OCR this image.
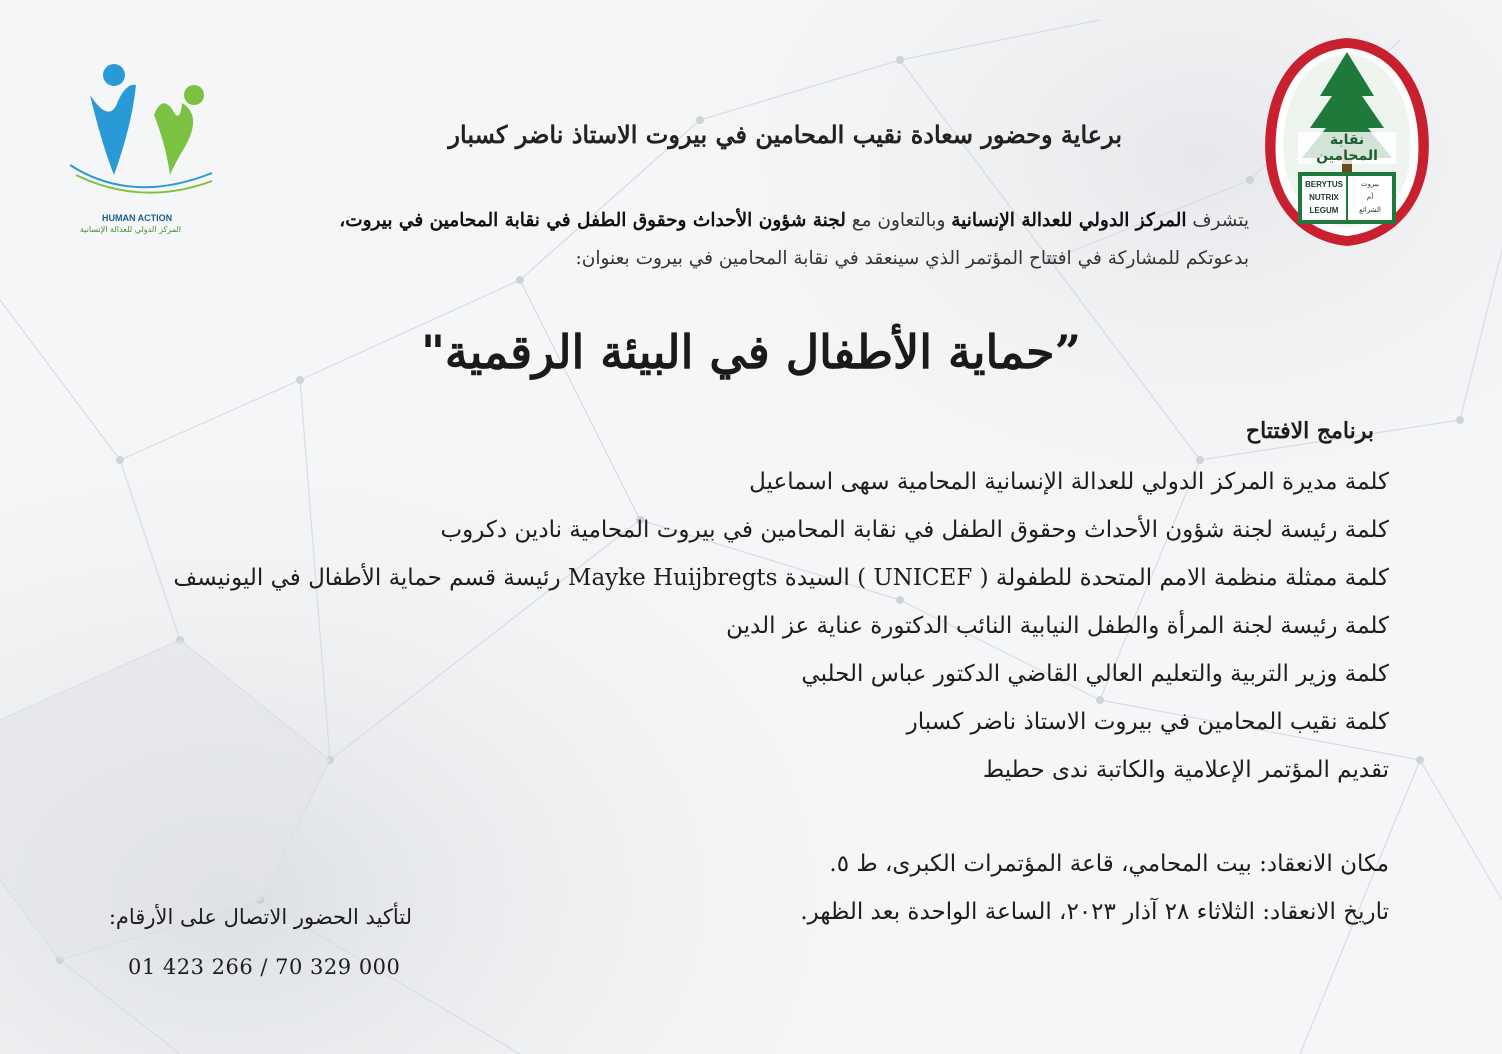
HUMAN ACTION
المركز الدولي للعدالة الإنسانية
نقابة المحامين
BERYTUS
NUTRIX
LEGUM
بيروت
أم
الشرائع
برعاية وحضور سعادة نقيب المحامين في بيروت الاستاذ ناضر كسبار
يتشرف المركز الدولي للعدالة الإنسانية وبالتعاون مع لجنة شؤون الأحداث وحقوق الطفل في نقابة المحامين في بيروت،
بدعوتكم للمشاركة في افتتاح المؤتمر الذي سينعقد في نقابة المحامين في بيروت بعنوان:
”حماية الأطفال في البيئة الرقمية"
برنامج الافتتاح
كلمة مديرة المركز الدولي للعدالة الإنسانية المحامية سهى اسماعيل
كلمة رئيسة لجنة شؤون الأحداث وحقوق الطفل في نقابة المحامين في بيروت المحامية نادين دكروب
كلمة ممثلة منظمة الامم المتحدة للطفولة ( UNICEF ) السيدة Mayke Huijbregts رئيسة قسم حماية الأطفال في اليونيسف
كلمة رئيسة لجنة المرأة والطفل النيابية النائب الدكتورة عناية عز الدين
كلمة وزير التربية والتعليم العالي القاضي الدكتور عباس الحلبي
كلمة نقيب المحامين في بيروت الاستاذ ناضر كسبار
تقديم المؤتمر الإعلامية والكاتبة ندى حطيط
مكان الانعقاد: بيت المحامي، قاعة المؤتمرات الكبرى، ط ٥.
تاريخ الانعقاد: الثلاثاء ٢٨ آذار ٢٠٢٣، الساعة الواحدة بعد الظهر.
لتأكيد الحضور الاتصال على الأرقام:
01 423 266 / 70 329 000
